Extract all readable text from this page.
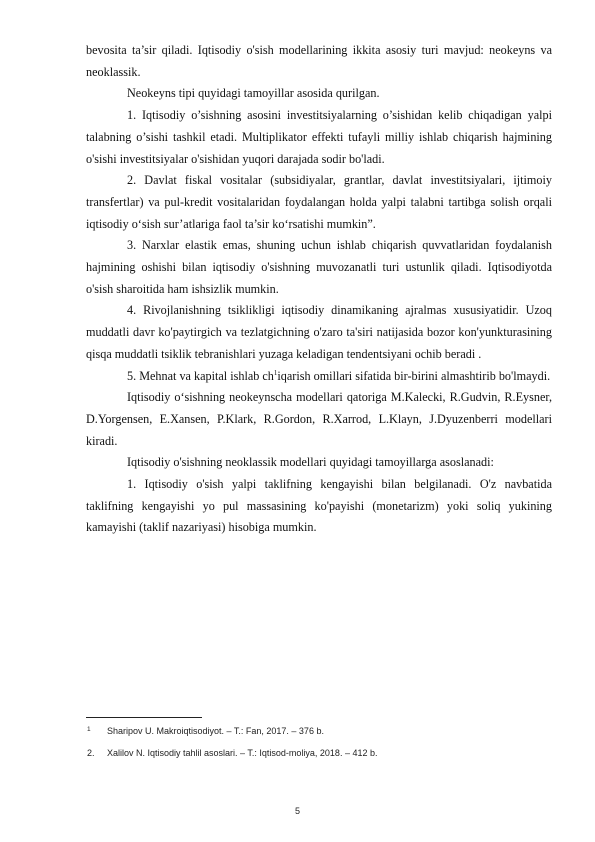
bevosita ta’sir qiladi. Iqtisodiy o'sish modellarining ikkita asosiy turi mavjud: neokeyns va neoklassik.

Neokeyns tipi quyidagi tamoyillar asosida qurilgan.

1. Iqtisodiy o’sishning asosini investitsiyalarning o’sishidan kelib chiqadigan yalpi talabning o’sishi tashkil etadi. Multiplikator effekti tufayli milliy ishlab chiqarish hajmining o'sishi investitsiyalar o'sishidan yuqori darajada sodir bo'ladi.

2. Davlat fiskal vositalar (subsidiyalar, grantlar, davlat investitsiyalari, ijtimoiy transfertlar) va pul-kredit vositalaridan foydalangan holda yalpi talabni tartibga solish orqali iqtisodiy o‘sish sur’atlariga faol ta’sir ko‘rsatishi mumkin”.

3. Narxlar elastik emas, shuning uchun ishlab chiqarish quvvatlaridan foydalanish hajmining oshishi bilan iqtisodiy o'sishning muvozanatli turi ustunlik qiladi. Iqtisodiyotda o'sish sharoitida ham ishsizlik mumkin.

4. Rivojlanishning tsiklikligi iqtisodiy dinamikaning ajralmas xususiyatidir. Uzoq muddatli davr ko'paytirgich va tezlatgichning o'zaro ta'siri natijasida bozor kon'yunkturasining qisqa muddatli tsiklik tebranishlari yuzaga keladigan tendentsiyani ochib beradi .

5. Mehnat va kapital ishlab $ch^1iqarish$ omillari sifatida bir-birini almashtirib bo'lmaydi.

Iqtisodiy o‘sishning neokeynscha modellari qatoriga M.Kalecki, R.Gudvin, R.Eysner, D.Yorgensen, E.Xansen, P.Klark, R.Gordon, R.Xarrod, L.Klayn, J.Dyuzenberri modellari kiradi.

Iqtisodiy o'sishning neoklassik modellari quyidagi tamoyillarga asoslanadi:

1. Iqtisodiy o'sish yalpi taklifning kengayishi bilan belgilanadi. O'z navbatida taklifning kengayishi yo pul massasining ko'payishi (monetarizm) yoki soliq yukining kamayishi (taklif nazariyasi) hisobiga mumkin.

1 Sharipov U. Makroiqtisodiyot. – T.: Fan, 2017. – 376 b.
2. Xalilov N. Iqtisodiy tahlil asoslari. – T.: Iqtisod-moliya, 2018. – 412 b.
5
